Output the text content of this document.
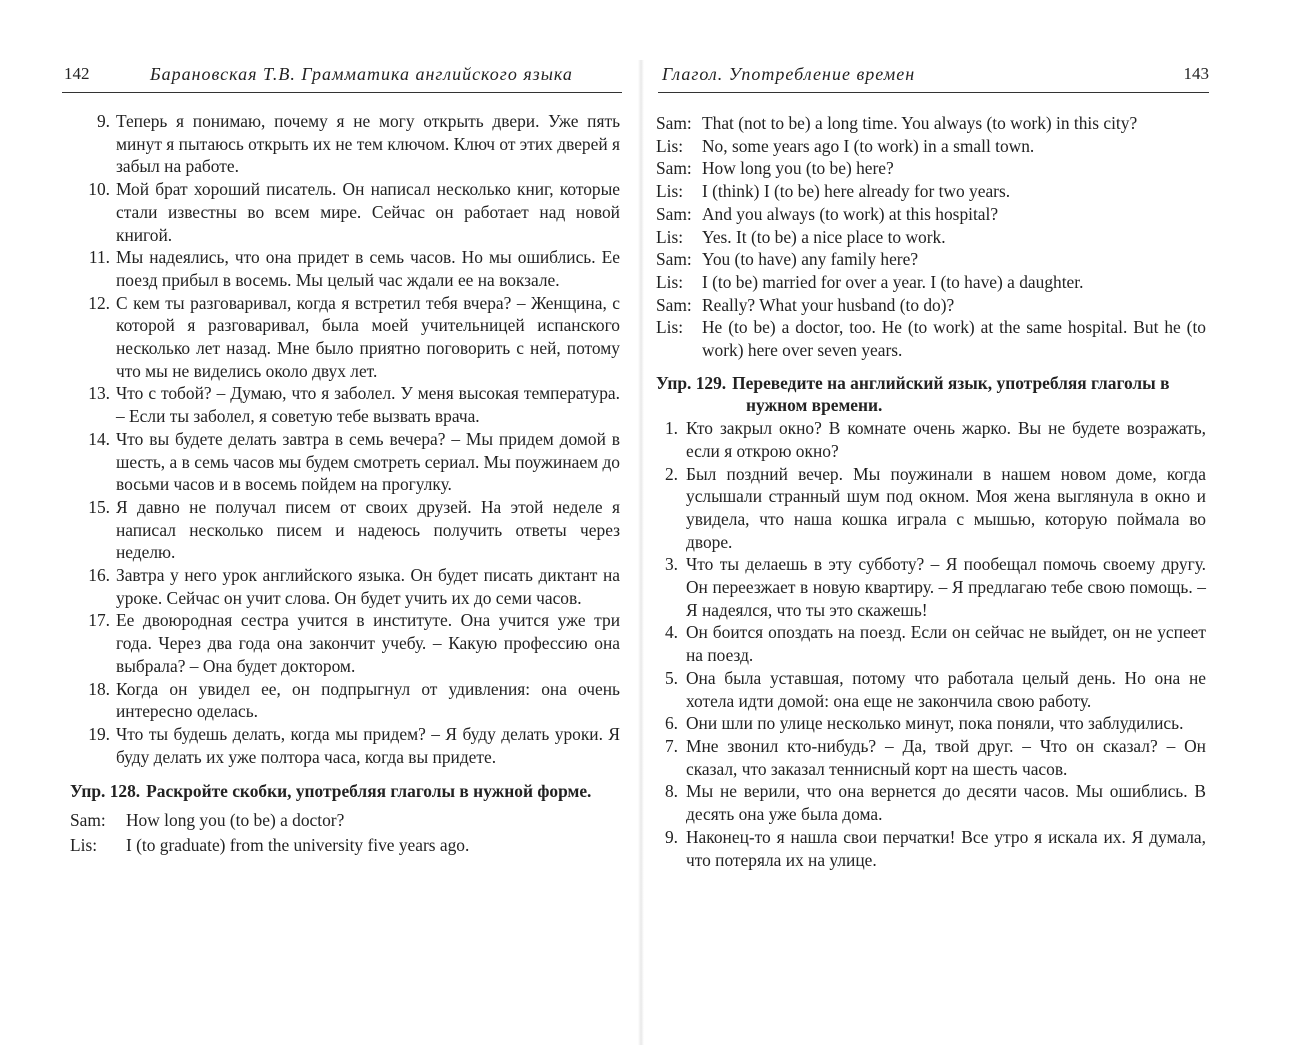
142	Барановская Т.В. Грамматика английского языка
9. Теперь я понимаю, почему я не могу открыть двери. Уже пять минут я пытаюсь открыть их не тем ключом. Ключ от этих дверей я забыл на работе.
10. Мой брат хороший писатель. Он написал несколько книг, которые стали известны во всем мире. Сейчас он работает над новой книгой.
11. Мы надеялись, что она придет в семь часов. Но мы ошиблись. Ее поезд прибыл в восемь. Мы целый час ждали ее на вокзале.
12. С кем ты разговаривал, когда я встретил тебя вчера? – Женщина, с которой я разговаривал, была моей учительницей испанского несколько лет назад. Мне было приятно поговорить с ней, потому что мы не виделись около двух лет.
13. Что с тобой? – Думаю, что я заболел. У меня высокая температура. – Если ты заболел, я советую тебе вызвать врача.
14. Что вы будете делать завтра в семь вечера? – Мы придем домой в шесть, а в семь часов мы будем смотреть сериал. Мы поужинаем до восьми часов и в восемь пойдем на прогулку.
15. Я давно не получал писем от своих друзей. На этой неделе я написал несколько писем и надеюсь получить ответы через неделю.
16. Завтра у него урок английского языка. Он будет писать диктант на уроке. Сейчас он учит слова. Он будет учить их до семи часов.
17. Ее двоюродная сестра учится в институте. Она учится уже три года. Через два года она закончит учебу. – Какую профессию она выбрала? – Она будет доктором.
18. Когда он увидел ее, он подпрыгнул от удивления: она очень интересно оделась.
19. Что ты будешь делать, когда мы придем? – Я буду делать уроки. Я буду делать их уже полтора часа, когда вы придете.
Упр. 128. Раскройте скобки, употребляя глаголы в нужной форме.
Sam: How long you (to be) a doctor?
Lis: I (to graduate) from the university five years ago.
Глагол. Употребление времен	143
Sam: That (not to be) a long time. You always (to work) in this city?
Lis: No, some years ago I (to work) in a small town.
Sam: How long you (to be) here?
Lis: I (think) I (to be) here already for two years.
Sam: And you always (to work) at this hospital?
Lis: Yes. It (to be) a nice place to work.
Sam: You (to have) any family here?
Lis: I (to be) married for over a year. I (to have) a daughter.
Sam: Really? What your husband (to do)?
Lis: He (to be) a doctor, too. He (to work) at the same hospital. But he (to work) here over seven years.
Упр. 129. Переведите на английский язык, употребляя глаголы в нужном времени.
1. Кто закрыл окно? В комнате очень жарко. Вы не будете возражать, если я открою окно?
2. Был поздний вечер. Мы поужинали в нашем новом доме, когда услышали странный шум под окном. Моя жена выглянула в окно и увидела, что наша кошка играла с мышью, которую поймала во дворе.
3. Что ты делаешь в эту субботу? – Я пообещал помочь своему другу. Он переезжает в новую квартиру. – Я предлагаю тебе свою помощь. – Я надеялся, что ты это скажешь!
4. Он боится опоздать на поезд. Если он сейчас не выйдет, он не успеет на поезд.
5. Она была уставшая, потому что работала целый день. Но она не хотела идти домой: она еще не закончила свою работу.
6. Они шли по улице несколько минут, пока поняли, что заблудились.
7. Мне звонил кто-нибудь? – Да, твой друг. – Что он сказал? – Он сказал, что заказал теннисный корт на шесть часов.
8. Мы не верили, что она вернется до десяти часов. Мы ошиблись. В десять она уже была дома.
9. Наконец-то я нашла свои перчатки! Все утро я искала их. Я думала, что потеряла их на улице.
